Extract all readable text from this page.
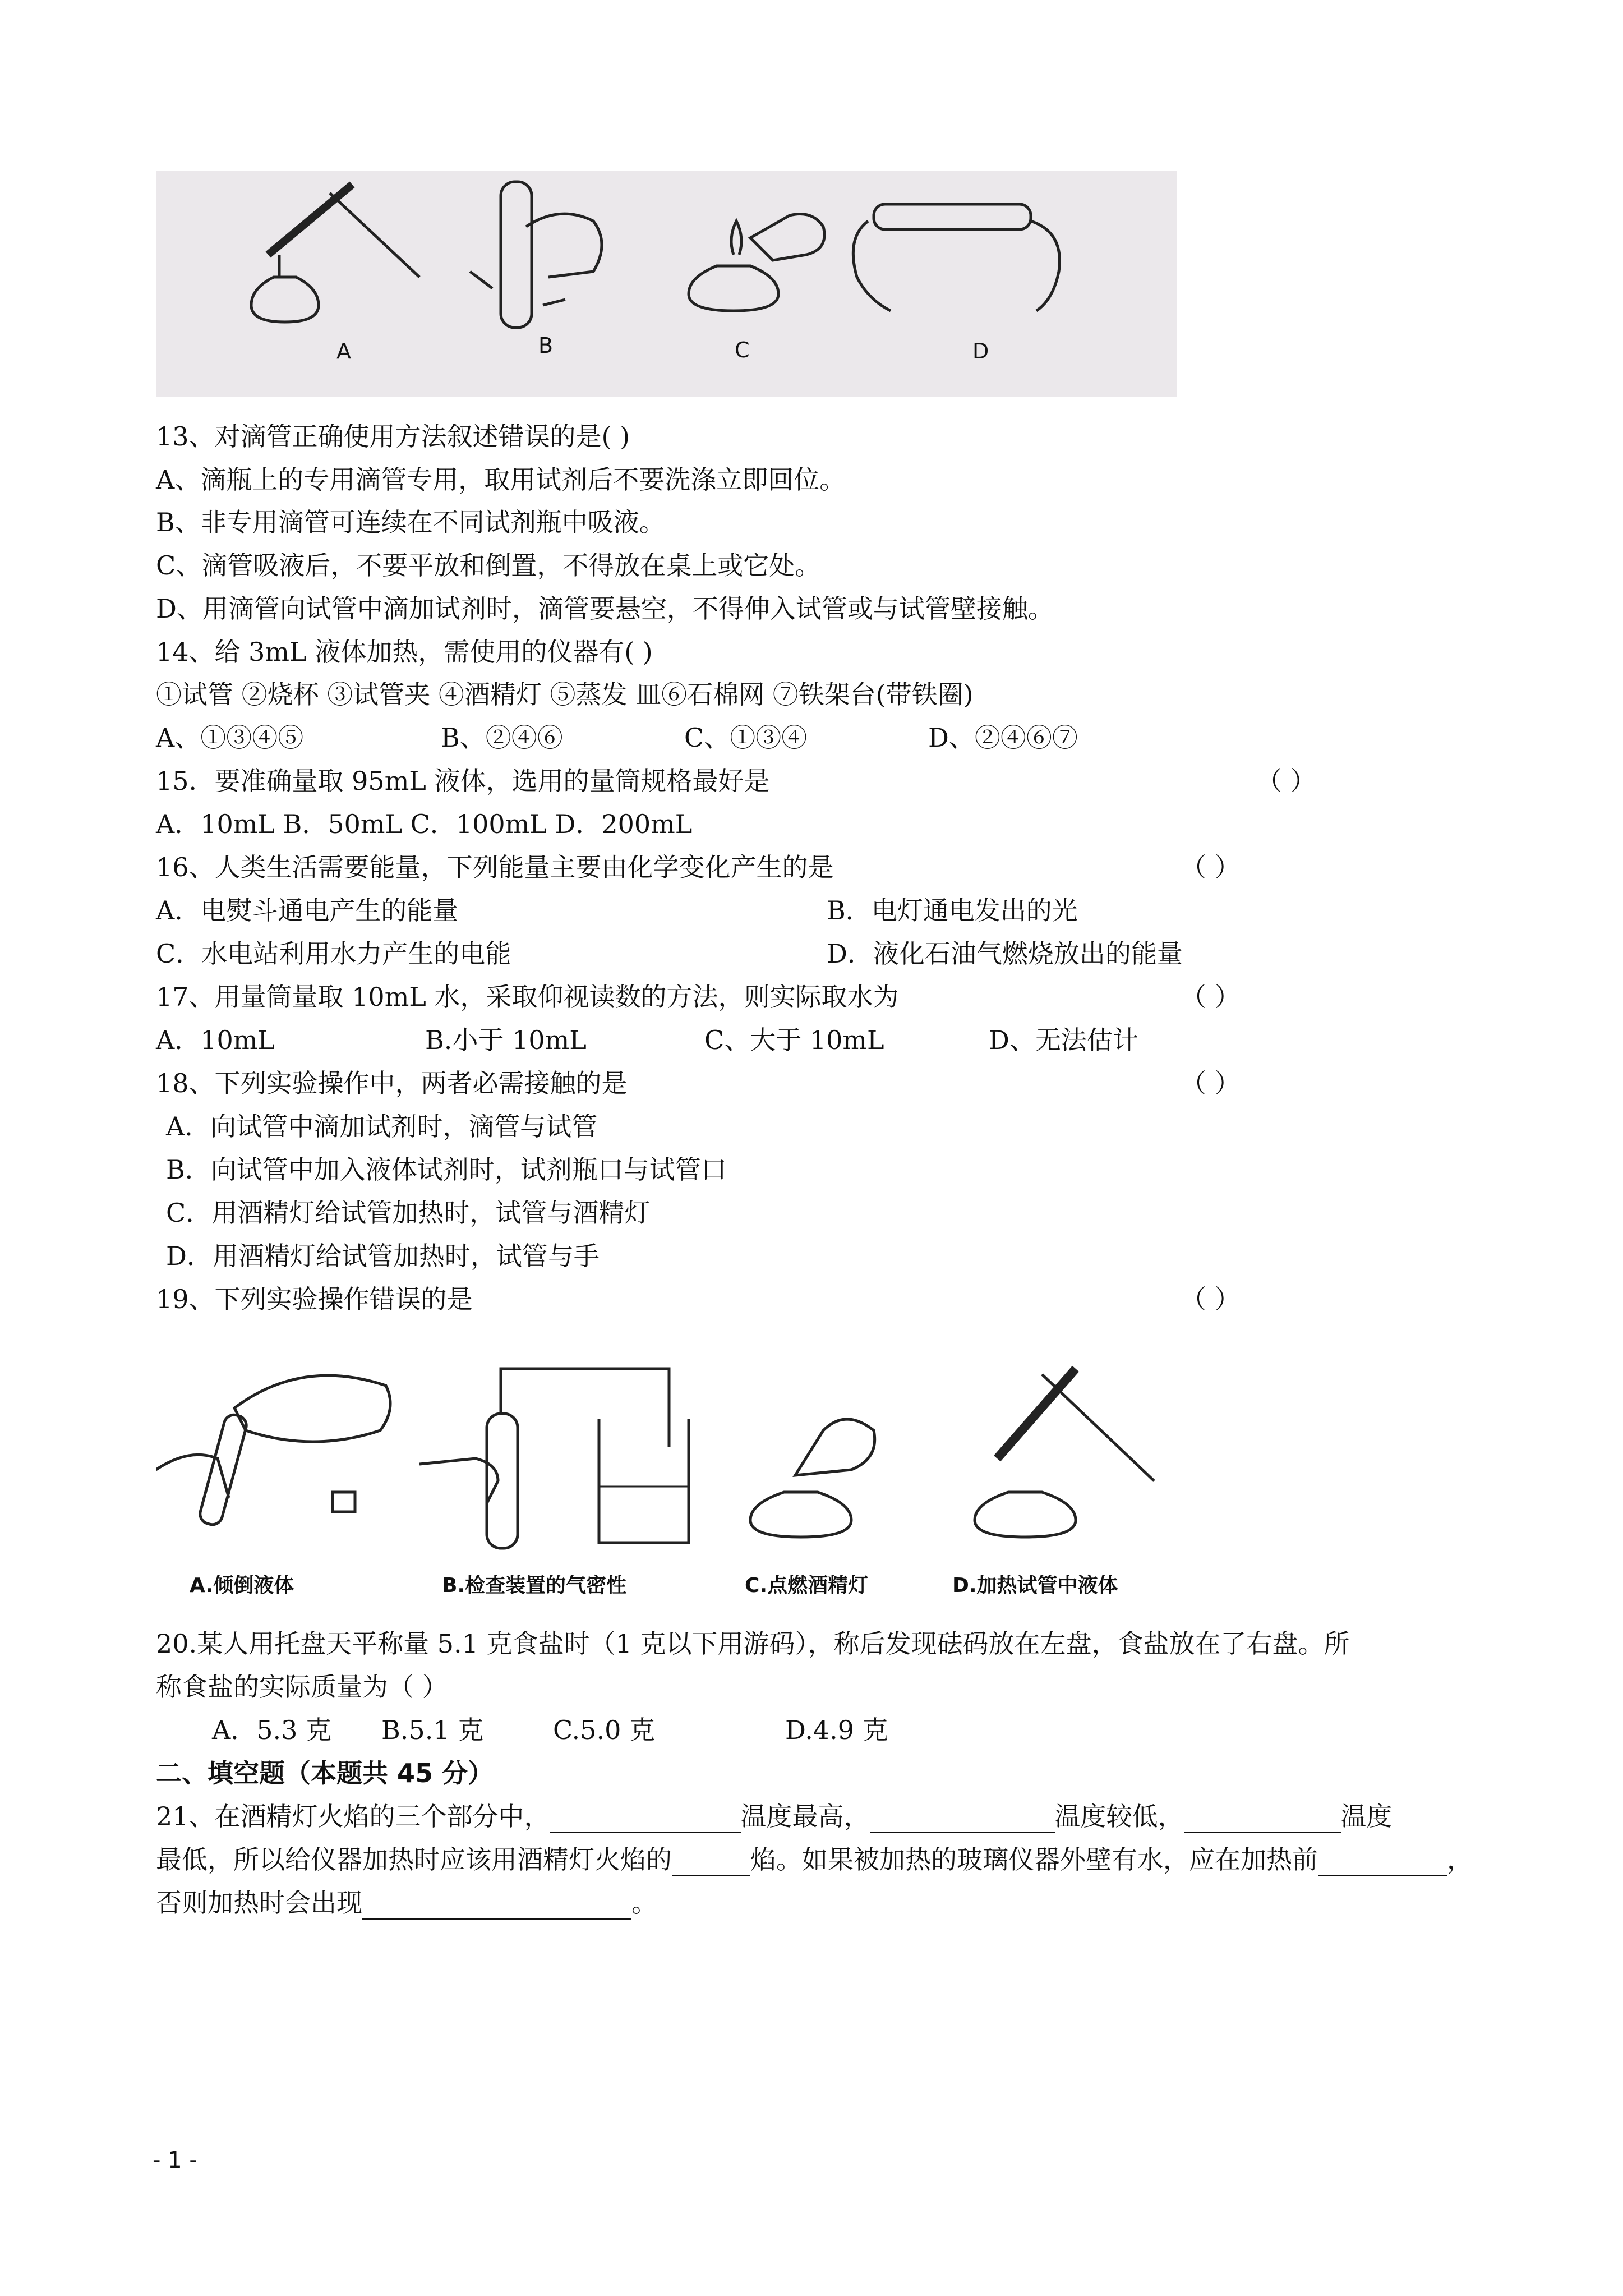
A	B	C	D
13、对滴管正确使用方法叙述错误的是( )
A、滴瓶上的专用滴管专用，取用试剂后不要洗涤立即回位。
B、非专用滴管可连续在不同试剂瓶中吸液。
C、滴管吸液后，不要平放和倒置，不得放在桌上或它处。
D、用滴管向试管中滴加试剂时，滴管要悬空，不得伸入试管或与试管壁接触。
14、给 3mL 液体加热，需使用的仪器有( )
①试管 ②烧杯 ③试管夹 ④酒精灯 ⑤蒸发 皿⑥石棉网 ⑦铁架台(带铁圈)
A、①③④⑤	B、②④⑥	C、①③④	D、②④⑥⑦
15．要准确量取 95mL 液体，选用的量筒规格最好是	（ ）
A．10mL B．50mL C．100mL D．200mL
16、人类生活需要能量，下列能量主要由化学变化产生的是	（ ）
A．电熨斗通电产生的能量	B．电灯通电发出的光
C．水电站利用水力产生的电能	D．液化石油气燃烧放出的能量
17、用量筒量取 10mL 水，采取仰视读数的方法，则实际取水为	（ ）
A．10mL	B.小于 10mL	C、大于 10mL	D、无法估计
18、下列实验操作中，两者必需接触的是	（ ）
A．向试管中滴加试剂时，滴管与试管
B．向试管中加入液体试剂时，试剂瓶口与试管口
C．用酒精灯给试管加热时，试管与酒精灯
D．用酒精灯给试管加热时，试管与手
19、下列实验操作错误的是	（ ）
A.倾倒液体	B.检查装置的气密性	C.点燃酒精灯	D.加热试管中液体
20.某人用托盘天平称量 5.1 克食盐时（1 克以下用游码），称后发现砝码放在左盘，食盐放在了右盘。所
称食盐的实际质量为（ ）
A．5.3 克 B.5.1 克	C.5.0 克	D.4.9 克
二、填空题（本题共 45 分）
21、在酒精灯火焰的三个部分中，	温度最高，	温度较低，	温度
最低，所以给仪器加热时应该用酒精灯火焰的	焰。如果被加热的玻璃仪器外壁有水，应在加热前	，
否则加热时会出现	。
- 1 -
